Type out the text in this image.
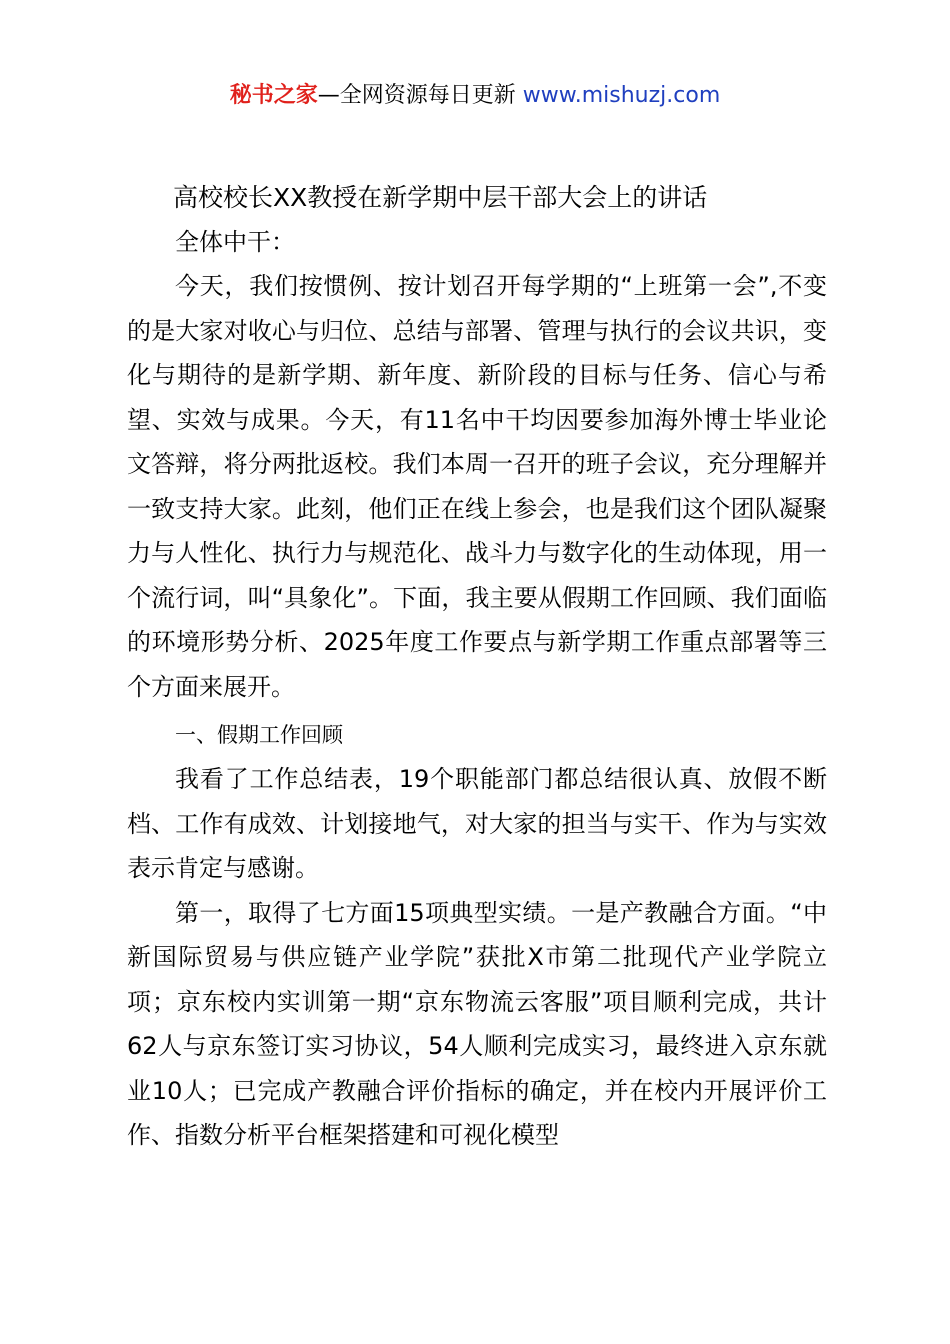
秘书之家—全网资源每日更新 www.mishuzj.com
高校校长XX教授在新学期中层干部大会上的讲话

全体中干：

今天，我们按惯例、按计划召开每学期的“上班第一会”,不变的是大家对收心与归位、总结与部署、管理与执行的会议共识，变化与期待的是新学期、新年度、新阶段的目标与任务、信心与希望、实效与成果。今天，有11名中干均因要参加海外博士毕业论文答辩，将分两批返校。我们本周一召开的班子会议，充分理解并一致支持大家。此刻，他们正在线上参会，也是我们这个团队凝聚力与人性化、执行力与规范化、战斗力与数字化的生动体现，用一个流行词，叫“具象化”。下面，我主要从假期工作回顾、我们面临的环境形势分析、2025年度工作要点与新学期工作重点部署等三个方面来展开。

一、假期工作回顾

我看了工作总结表，19个职能部门都总结很认真、放假不断档、工作有成效、计划接地气，对大家的担当与实干、作为与实效表示肯定与感谢。

第一，取得了七方面15项典型实绩。一是产教融合方面。“中新国际贸易与供应链产业学院”获批X市第二批现代产业学院立项；京东校内实训第一期“京东物流云客服”项目顺利完成，共计62人与京东签订实习协议，54人顺利完成实习，最终进入京东就业10人；已完成产教融合评价指标的确定，并在校内开展评价工作、指数分析平台框架搭建和可视化模型
